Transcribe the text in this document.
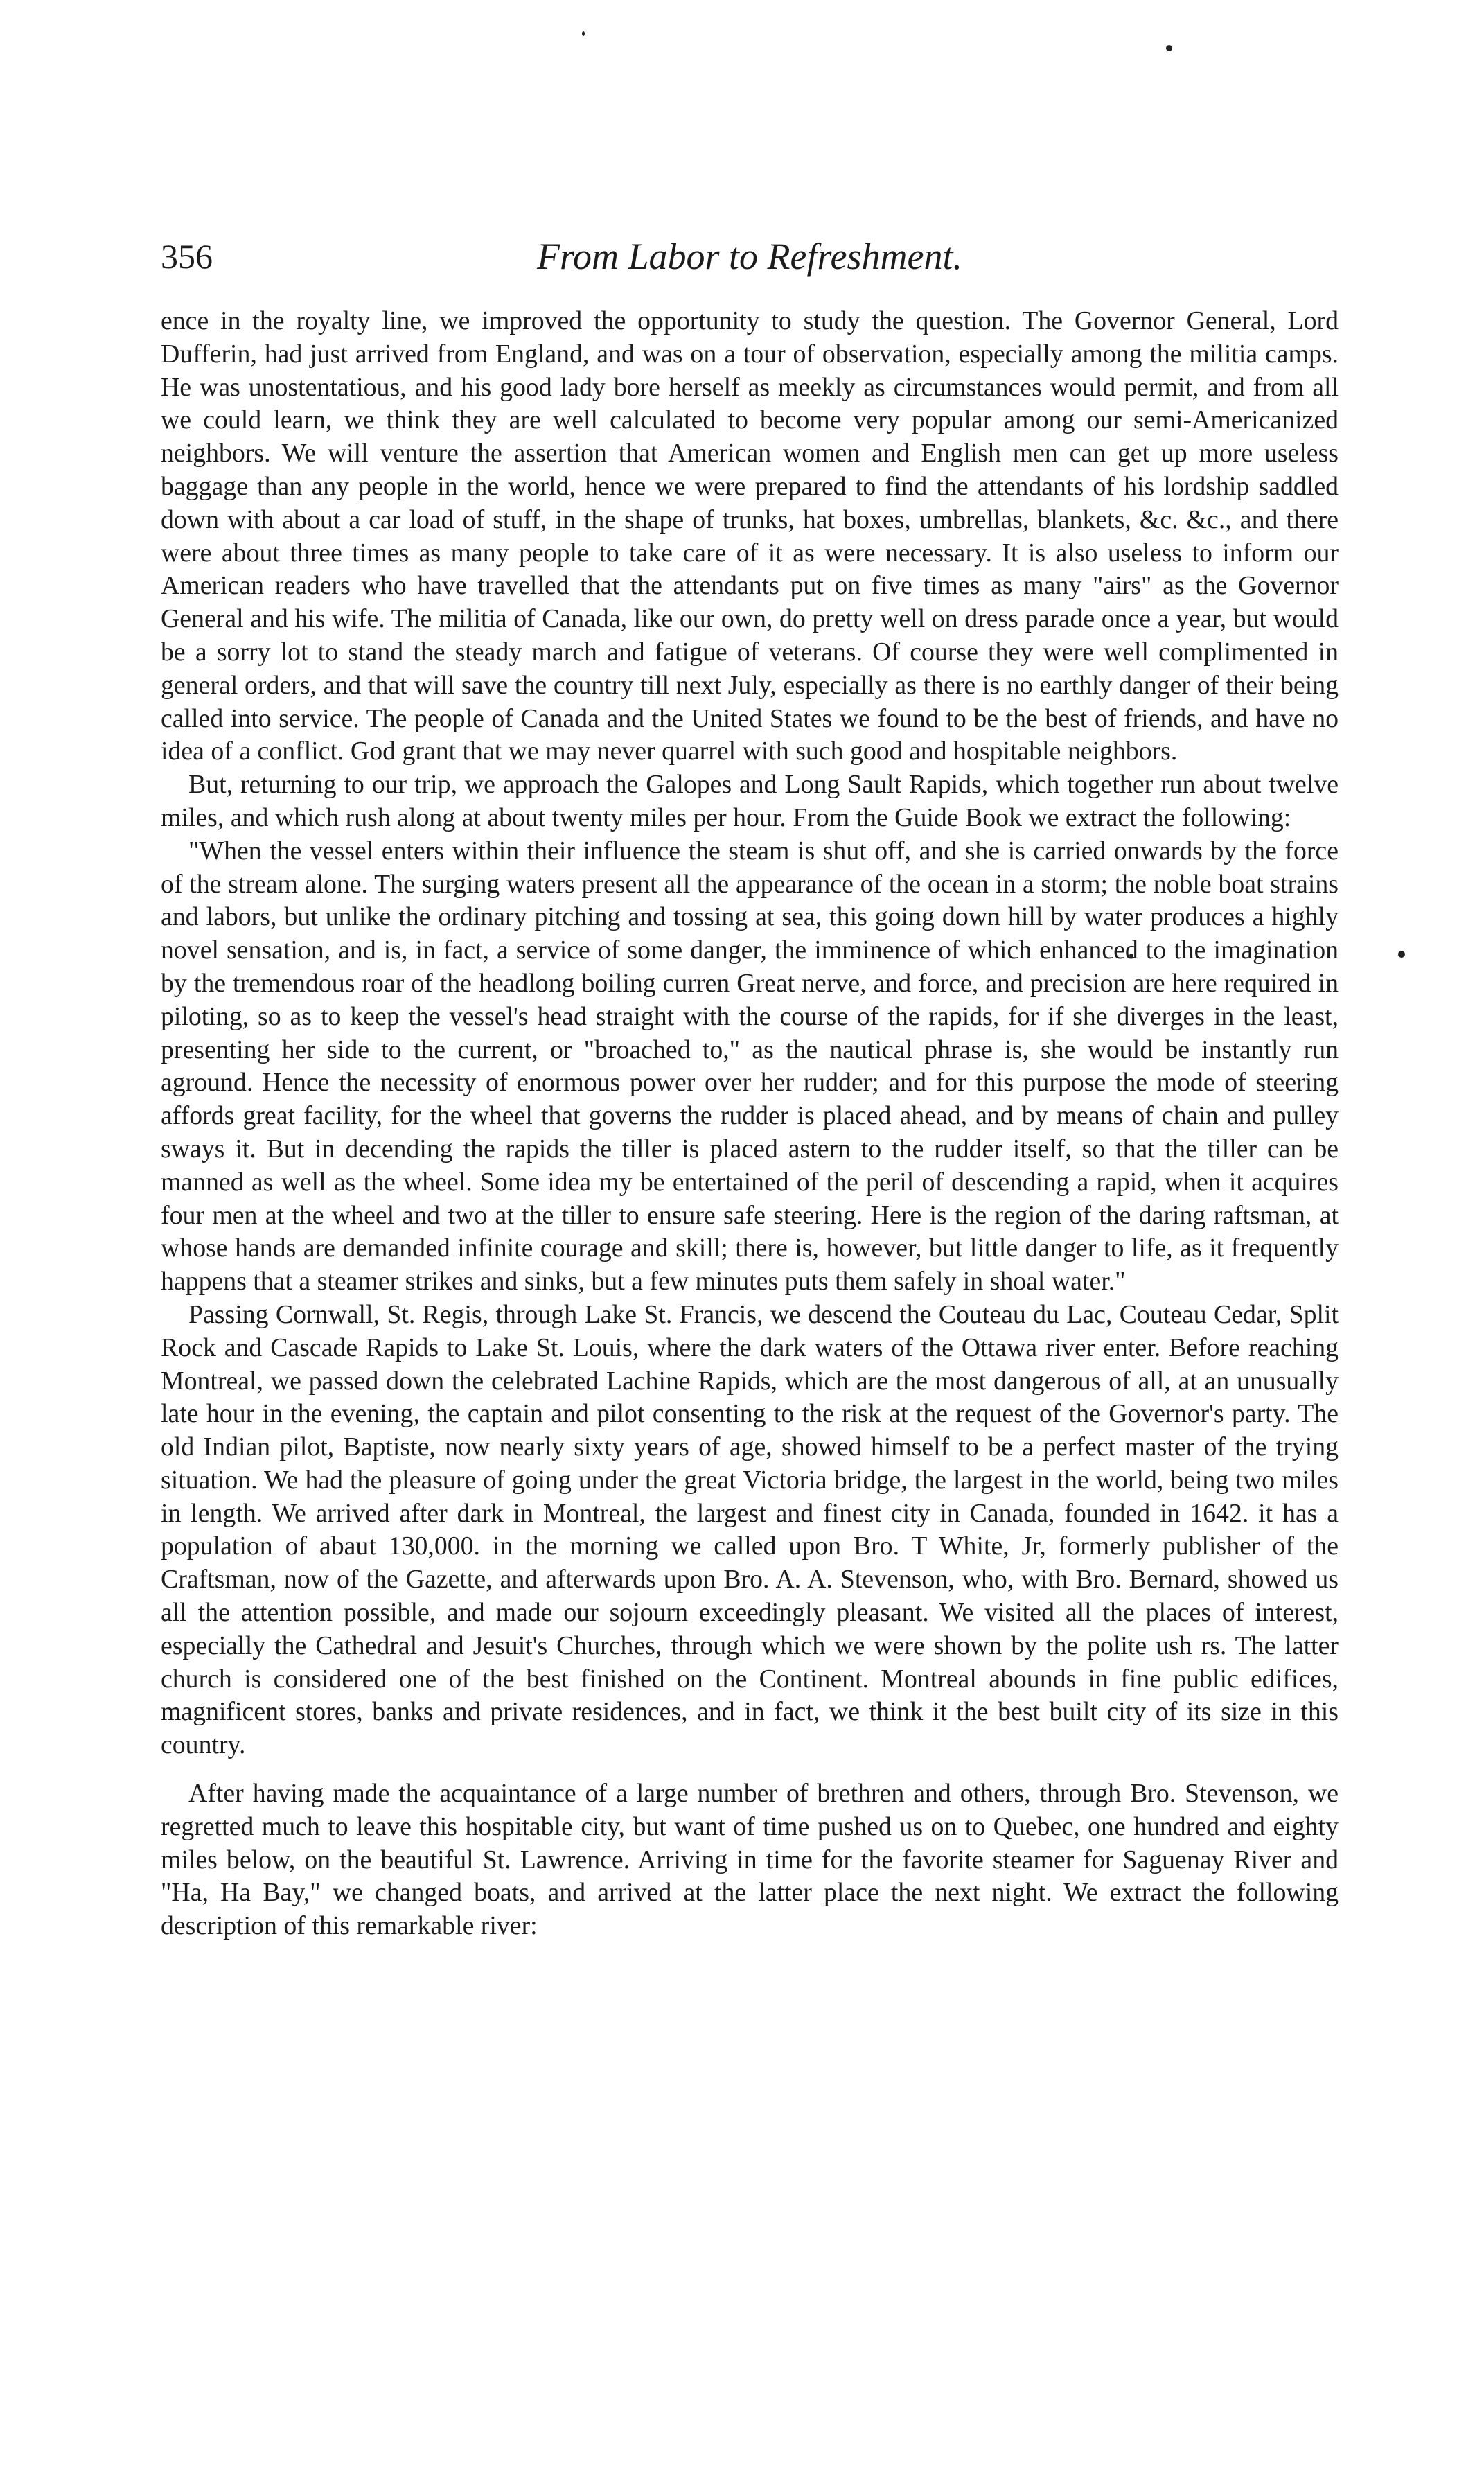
356	From Labor to Refreshment.

ence in the royalty line, we improved the opportunity to study the question. The Governor General, Lord Dufferin, had just arrived from England, and was on a tour of observation, especially among the militia camps. He was unostentatious, and his good lady bore herself as meekly as circumstances would permit, and from all we could learn, we think they are well calculated to become very popular among our semi-Americanized neighbors. We will venture the assertion that American women and English men can get up more useless baggage than any people in the world, hence we were prepared to find the attendants of his lordship saddled down with about a car load of stuff, in the shape of trunks, hat boxes, umbrellas, blankets, &c. &c., and there were about three times as many people to take care of it as were necessary. It is also useless to inform our American readers who have travelled that the attendants put on five times as many "airs" as the Governor General and his wife. The militia of Canada, like our own, do pretty well on dress parade once a year, but would be a sorry lot to stand the steady march and fatigue of veterans. Of course they were well complimented in general orders, and that will save the country till next July, especially as there is no earthly danger of their being called into service. The people of Canada and the United States we found to be the best of friends, and have no idea of a conflict. God grant that we may never quarrel with such good and hospitable neighbors.

But, returning to our trip, we approach the Galopes and Long Sault Rapids, which together run about twelve miles, and which rush along at about twenty miles per hour. From the Guide Book we extract the following:

"When the vessel enters within their influence the steam is shut off, and she is carried onwards by the force of the stream alone. The surging waters present all the appearance of the ocean in a storm; the noble boat strains and labors, but unlike the ordinary pitching and tossing at sea, this going down hill by water produces a highly novel sensation, and is, in fact, a service of some danger, the imminence of which enhanced to the imagination by the tremendous roar of the headlong boiling curren Great nerve, and force, and precision are here required in piloting, so as to keep the vessel's head straight with the course of the rapids, for if she diverges in the least, presenting her side to the current, or "broached to," as the nautical phrase is, she would be instantly run aground. Hence the necessity of enormous power over her rudder; and for this purpose the mode of steering affords great facility, for the wheel that governs the rudder is placed ahead, and by means of chain and pulley sways it. But in decending the rapids the tiller is placed astern to the rudder itself, so that the tiller can be manned as well as the wheel. Some idea my be entertained of the peril of descending a rapid, when it acquires four men at the wheel and two at the tiller to ensure safe steering. Here is the region of the daring raftsman, at whose hands are demanded infinite courage and skill; there is, however, but little danger to life, as it frequently happens that a steamer strikes and sinks, but a few minutes puts them safely in shoal water."

Passing Cornwall, St. Regis, through Lake St. Francis, we descend the Couteau du Lac, Couteau Cedar, Split Rock and Cascade Rapids to Lake St. Louis, where the dark waters of the Ottawa river enter. Before reaching Montreal, we passed down the celebrated Lachine Rapids, which are the most dangerous of all, at an unusually late hour in the evening, the captain and pilot consenting to the risk at the request of the Governor's party. The old Indian pilot, Baptiste, now nearly sixty years of age, showed himself to be a perfect master of the trying situation. We had the pleasure of going under the great Victoria bridge, the largest in the world, being two miles in length. We arrived after dark in Montreal, the largest and finest city in Canada, founded in 1642. it has a population of abaut 130,000. in the morning we called upon Bro. T White, Jr, formerly publisher of the Craftsman, now of the Gazette, and afterwards upon Bro. A. A. Stevenson, who, with Bro. Bernard, showed us all the attention possible, and made our sojourn exceedingly pleasant. We visited all the places of interest, especially the Cathedral and Jesuit's Churches, through which we were shown by the polite ush rs. The latter church is considered one of the best finished on the Continent. Montreal abounds in fine public edifices, magnificent stores, banks and private residences, and in fact, we think it the best built city of its size in this country.

After having made the acquaintance of a large number of brethren and others, through Bro. Stevenson, we regretted much to leave this hospitable city, but want of time pushed us on to Quebec, one hundred and eighty miles below, on the beautiful St. Lawrence. Arriving in time for the favorite steamer for Saguenay River and "Ha, Ha Bay," we changed boats, and arrived at the latter place the next night. We extract the following description of this remarkable river:
